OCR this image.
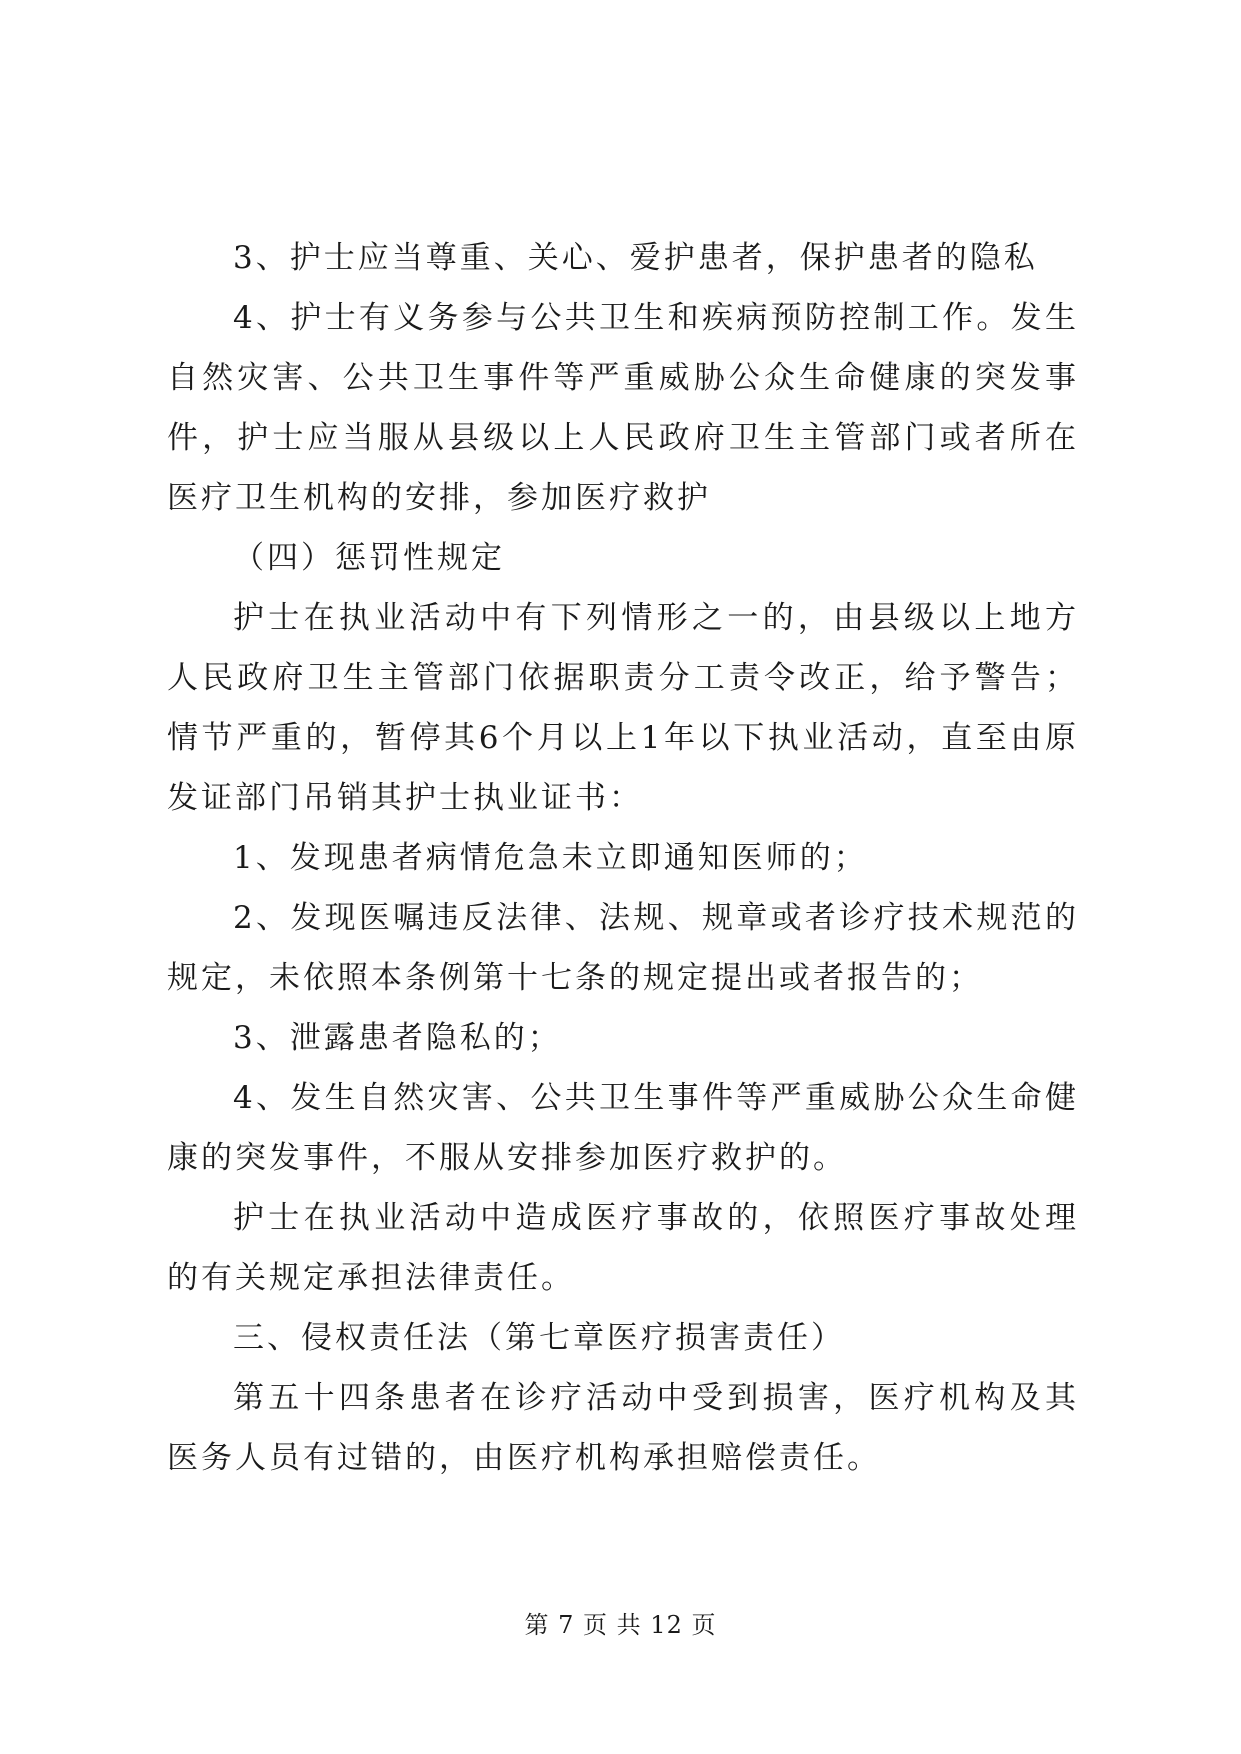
3、护士应当尊重、关心、爱护患者，保护患者的隐私

4、护士有义务参与公共卫生和疾病预防控制工作。发生自然灾害、公共卫生事件等严重威胁公众生命健康的突发事件，护士应当服从县级以上人民政府卫生主管部门或者所在医疗卫生机构的安排，参加医疗救护

（四）惩罚性规定

护士在执业活动中有下列情形之一的，由县级以上地方人民政府卫生主管部门依据职责分工责令改正，给予警告；情节严重的，暂停其6个月以上1年以下执业活动，直至由原发证部门吊销其护士执业证书：

1、发现患者病情危急未立即通知医师的；

2、发现医嘱违反法律、法规、规章或者诊疗技术规范的规定，未依照本条例第十七条的规定提出或者报告的；

3、泄露患者隐私的；

4、发生自然灾害、公共卫生事件等严重威胁公众生命健康的突发事件，不服从安排参加医疗救护的。

护士在执业活动中造成医疗事故的，依照医疗事故处理的有关规定承担法律责任。

三、侵权责任法（第七章医疗损害责任）

第五十四条患者在诊疗活动中受到损害，医疗机构及其医务人员有过错的，由医疗机构承担赔偿责任。

第 7 页 共 12 页
